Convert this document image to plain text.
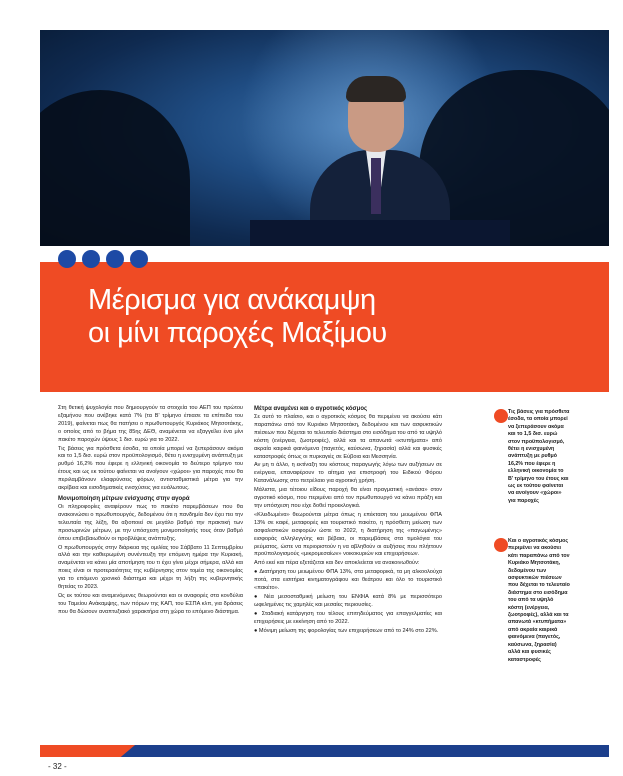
Μέρισμα για ανάκαμψη
οι μίνι παροχές Μαξίμου

Στη θετική ψυχολογία που δημιουργούν τα στοιχεία του ΑΕΠ του πρώτου εξαμήνου που ανέβηκε κατά 7% (τα Β' τρίμηνο έπιασε τα επίπεδα του 2019), φαίνεται πως θα πατήσει ο πρωθυπουργός Κυριάκος Μητσοτάκης, ο οποίος από το βήμα της 85ης ΔΕΘ, αναμένεται να εξαγγείλει ένα μίνι πακέτο παροχών ύψους 1 δισ. ευρώ για το 2022.

Τις βάσεις για πρόσθετα έσοδα, τα οποία μπορεί να ξεπεράσουν ακόμα και το 1,5 δισ. ευρώ στον προϋπολογισμό, θέτει η ενισχυμένη ανάπτυξη με ρυθμό 16,2% που έφερε η ελληνική οικονομία το δεύτερο τρίμηνο του έτους και ως εκ τούτου φαίνεται να ανοίγουν «χώροι» για παροχές που θα περιλαμβάνουν ελαφρύνσεις φόρων, αντισταθμιστικά μέτρα για την ακρίβεια και εισοδηματικές ενισχύσεις για ευάλωτους.

Μονιμοποίηση μέτρων ενίσχυσης στην αγορά

Οι πληροφορίες αναφέρουν πως το πακέτο παρεμβάσεων που θα ανακοινώσει ο πρωθυπουργός, δεδομένου ότι η πανδημία δεν έχει πει την τελευταία της λέξη, θα αξιοποιεί σε μεγάλο βαθμό την πρακτική των προσωρινών μέτρων, με την υπόσχεση μονιμοποίησής τους όταν βαθμό όπου επιβεβαιωθούν οι προβλέψεις ανάπτυξης.

Ο πρωθυπουργός στην διάρκεια της ομιλίας του Σάββατο 11 Σεπτεμβρίου αλλά και την καθιερωμένη συνέντευξη την επόμενη ημέρα την Κυριακή, αναμένεται να κάνει μία αποτίμηση του τι έχει γίνει μέχρι σήμερα, αλλά και ποιες είναι οι προτεραιότητες της κυβέρνησης στον τομέα της οικονομίας για το επόμενο χρονικό διάστημα και μέχρι τη λήξη της κυβερνητικής θητείας το 2023.

Ως εκ τούτου και αναμενόμενες θεωρούνται και οι αναφορές στα κονδύλια του Ταμείου Ανάκαμψης, των πόρων της ΚΑΠ, του ΕΣΠΑ κλπ, για δράσεις που θα δώσουν αναπτυξιακό χαρακτήρα στη χώρα το επόμενο διάστημα.

Μέτρα αναμένει και ο αγροτικός κόσμος

Σε αυτό το πλαίσιο, και ο αγροτικός κόσμος θα περιμένει να ακούσει κάτι παραπάνω από τον Κυριάκο Μητσοτάκη, δεδομένου και των ασφυκτικών πιέσεων που δέχεται το τελευταίο διάστημα στο εισόδημα του από τα υψηλό κόστη (ενέργεια, ζωοτροφές), αλλά και τα απανωτά «κτυπήματα» από ακραία καιρικά φαινόμενα (παγετός, καύσωνα, ξηρασία) αλλά και φυσικές καταστροφές όπως οι πυρκαγιές σε Εύβοια και Μεσσηνία.

Αν μη τι άλλο, η εκτίναξη του κόστους παραγωγής λόγω των αυξήσεων σε ενέργεια, επαναφέρουν το αίτημα για επιστροφή του Ειδικού Φόρου Κατανάλωσης στο πετρέλαιο για αγροτική χρήση.

Μάλιστα, μια τέτοιου είδους παροχή θα είναι πραγματική «ανάσα» στον αγροτικό κόσμο, που περιμένει από τον πρωθυπουργό να κάνει πράξη και την υπόσχεση που είχε δοθεί προεκλογικά.

«Κλειδωμένα» θεωρούνται μέτρα όπως η επέκταση του μειωμένου ΦΠΑ 13% σε καφέ, μεταφορές και τουριστικό πακέτο, η πρόσθετη μείωση των ασφαλιστικών εισφορών ώστε το 2022, η διατήρηση της «παγωμένης» εισφοράς αλληλεγγύης και βέβαια, οι παρεμβάσεις στα τιμολόγια του ρεύματος, ώστε να περιοριστούν η να αβληθούν οι αυξήσεις που πλήττουν προϋπολογισμούς «μικρομεσαίων» νοικοκυριών και επιχειρήσεων.

Από εκεί και πέρα εξετάζεται και δεν αποκλείεται να ανακοινωθούν:

● Διατήρηση του μειωμένου ΦΠΑ 13%, στα μεταφορικά, τα μη αλκοολούχα ποτά, στα εισιτήρια κινηματογράφου και θεάτρου και όλο το τουριστικό «πακέτο».

● Νέα μεσοσταθμική μείωση του ΕΝΦΙΑ κατά 8% με περισσότερο ωφελημένες τις χαμηλές και μεσαίες περιουσίες.

● Σταδιακή κατάργηση του τέλους επιτηδεύματος για επαγγελματίες και επιχειρήσεις με εκκίνηση από το 2022.

● Μόνιμη μείωση της φορολογίας των επιχειρήσεων από το 24% στο 22%.

Τις βάσεις για πρόσθετα έσοδα, τα οποία μπορεί να ξεπεράσουν ακόμα και το 1,5 δισ. ευρώ στον προϋπολογισμό, θέτει η ενισχυμένη ανάπτυξη με ρυθμό 16,2% που έφερε η ελληνική οικονομία το Β' τρίμηνο του έτους και ως εκ τούτου φαίνεται να ανοίγουν «χώροι» για παροχές
Και ο αγροτικός κόσμος περιμένει να ακούσει κάτι παραπάνω από τον Κυριάκο Μητσοτάκη, δεδομένου των ασφυκτικών πιέσεων που δέχεται το τελευταίο διάστημα στο εισόδημα του από τα υψηλό κόστη (ενέργεια, ζωοτροφές), αλλά και τα απανωτά «κτυπήματα» από ακραία καιρικά φαινόμενα (παγετός, καύσωνα, ξηρασία) αλλά και φυσικές καταστροφές
- 32 -
